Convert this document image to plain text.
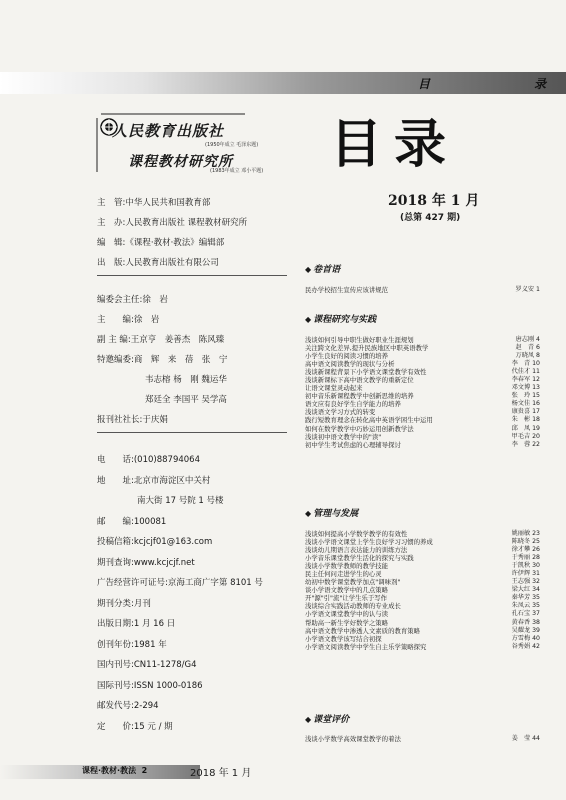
目	录
人民教育出版社
(1950年成立 毛泽东题)
课程教材研究所
(1983年成立 邓小平题) 目录
2018 年 1 月
(总第 427 期)
主　管:中华人民共和国教育部
主　办:人民教育出版社 课程教材研究所
编　辑:《课程·教材·教法》编辑部
出　版:人民教育出版社有限公司
编委会主任:徐　岩
主　　编:徐　岩
副 主 编:王京亨　姜善杰　陈风臻
特邀编委:商　辉　来　蓓　张　宁
韦志榕 杨　刚 魏运华
郑廷全 李国平 吴学高
报刊社社长:于庆娟
电　　话:(010)88794064
地　　址:北京市海淀区中关村
南大街 17 号院 1 号楼
邮　　编:100081
投稿信箱:kcjcjf01@163.com
期刊查询:www.kcjcjf.net
广告经营许可证号:京海工商广字第 8101 号
期刊分类:月刊
出版日期:1 月 16 日
创刊年份:1981 年
国内刊号:CN11-1278/G4
国际刊号:ISSN 1000-0186
邮发代号:2-294
定　　价:15 元 / 期
◆ 卷首语
民办学校招生宣传应该讲规范	罗义安 1
◆ 课程研究与实践
浅谈如何引导中职生做好职业生涯规划	唐志刚 4
关注跨文化差异,提升民族地区中职英语教学	赵　青 6
小学生良好的阅读习惯的培养	万晓凤 8
高中语文阅读教学的现状与分析	李　青 10
浅谈新课程背景下小学语文课堂教学有效性	代佳才 11
浅谈新课标下高中语文教学的重新定位	李春军 12
让语文课堂灵动起来	邓文博 13
初中音乐新课程教学中创新思维的培养	张　玲 15
语文应有良好学生自学能力的培养	杨文佳 16
浅谈语文学习方式的转变	康贵喜 17
践行短教育理念在转化高中英语学困生中运用	朱　彬 18
如何在数学教学中巧妙运用创新教学法	邱　凤 19
浅谈初中语文教学中的"读"	甲毛吉 20
初中学生考试焦虑的心理辅导探讨	李　蓉 22
◆ 管理与发展
浅谈如何提高小学数学教学的有效性	姚丽敏 23
浅谈小学语文课堂上学生良好学习习惯的养成	陈晓冬 25
浅谈幼儿期语言表达能力的训练方法	徐才攀 26
小学音乐课堂教学生活化的探究与实践	于秀丽 28
浅谈小学数学教师的教学技能	于凯秋 30
民主任何问走进学生的心灵	许伊辉 31
幼初中数学课堂教学加点"调味剂"	王志强 32
谈小学语文教学中的几点策略	梁大红 34
开"源"引"流"让学生乐于写作	秦华芳 35
浅谈综合实践活动教师的专业成长	朱凤云 35
小学语文课堂教学中的认与读	孔石宝 37
帮助高一新生学好数学之策略	黄春香 38
高中语文教学中渗透人文素质的教育策略	吴耀龙 39
小学语文教学该写结合初探	方雪梅 40
小学语文阅读教学中学生自主乐学策略探究	谷秀娟 42
◆ 课堂评价
浅谈小学数学高效课堂教学的着法	姜　莹 44
课程·教材·教法 2	2018 年 1 月
